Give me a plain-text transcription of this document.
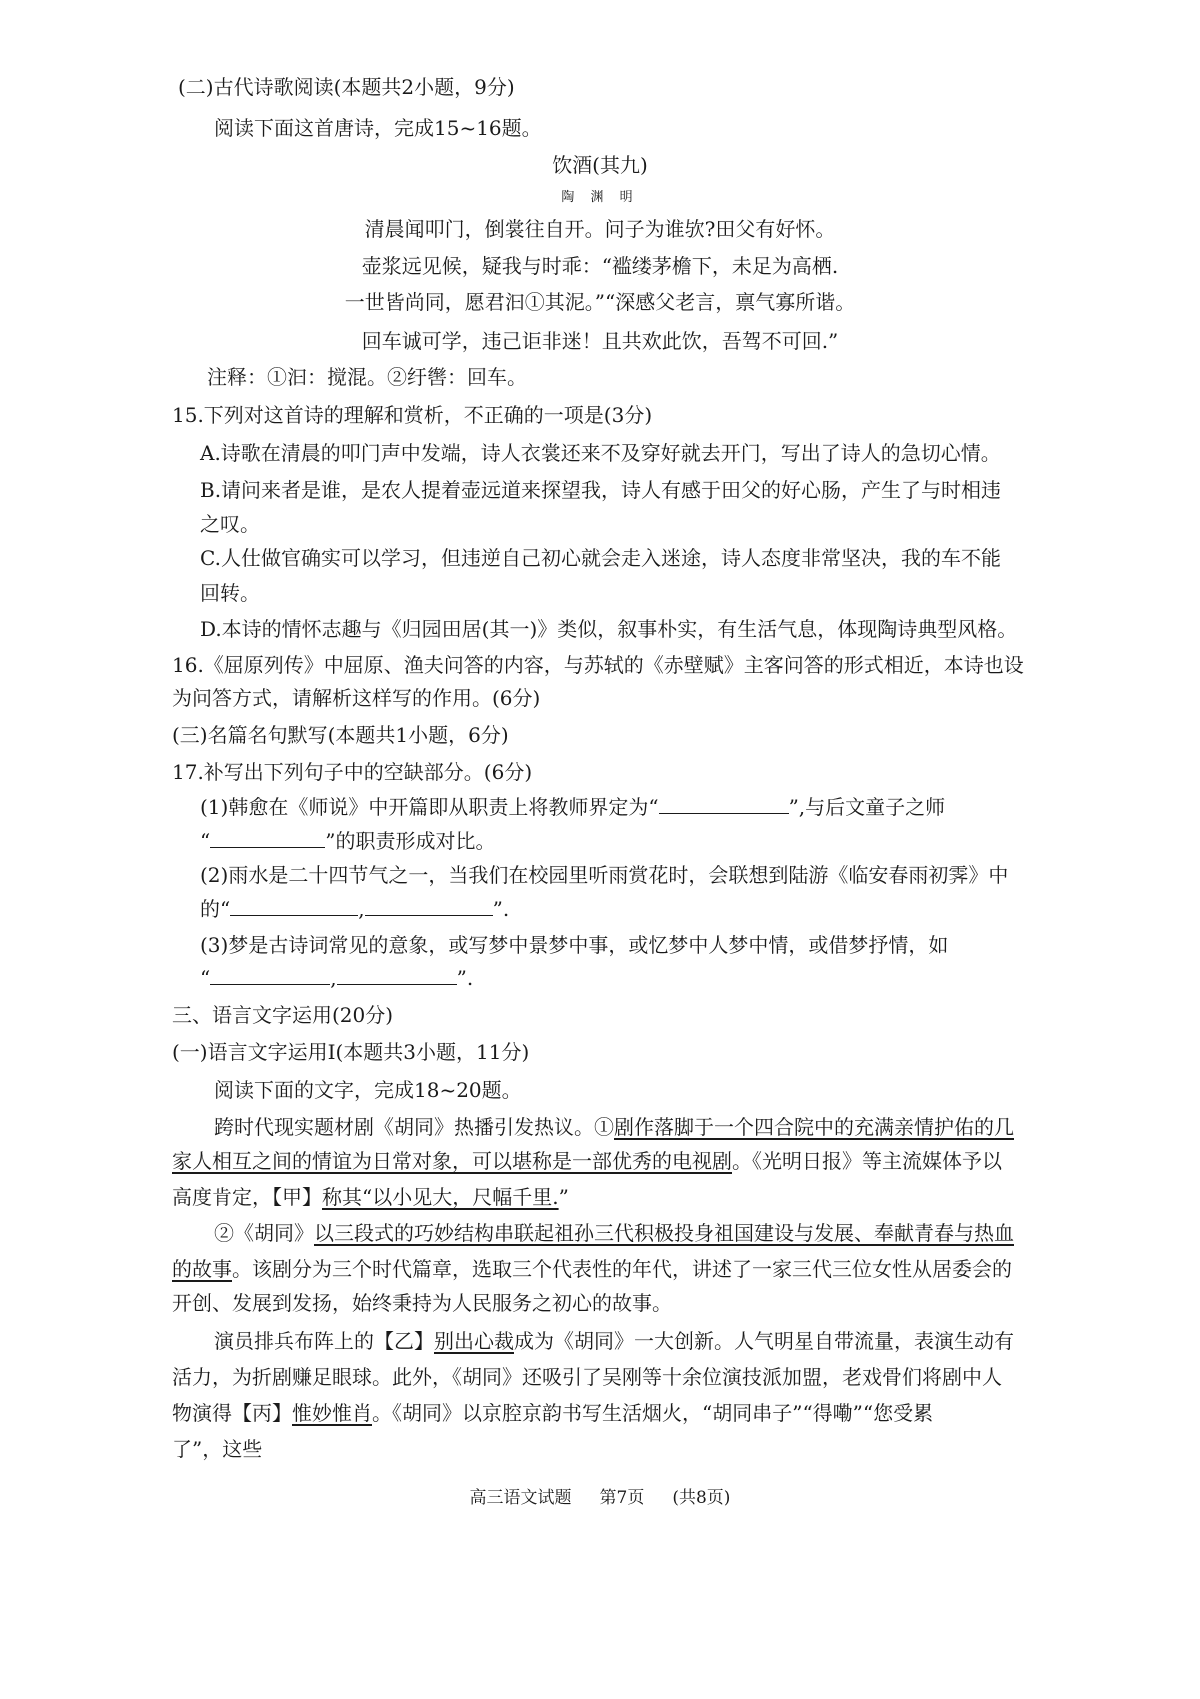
(二)古代诗歌阅读(本题共2小题，9分)
阅读下面这首唐诗，完成15~16题。
饮酒(其九)
陶 渊 明
清晨闻叩门，倒裳往自开。问子为谁欤?田父有好怀。
壶浆远见候，疑我与时乖：“褴缕茅檐下，未足为高栖.
一世皆尚同，愿君汩①其泥。”“深感父老言，禀气寡所谐。
回车诚可学，违己讵非迷！且共欢此饮，吾驾不可回.”
注释：①汩：搅混。②纡辔：回车。
15.下列对这首诗的理解和赏析，不正确的一项是(3分)
A.诗歌在清晨的叩门声中发端，诗人衣裳还来不及穿好就去开门，写出了诗人的急切心情。
B.请问来者是谁，是农人提着壶远道来探望我，诗人有感于田父的好心肠，产生了与时相违
之叹。
C.人仕做官确实可以学习，但违逆自己初心就会走入迷途，诗人态度非常坚决，我的车不能
回转。
D.本诗的情怀志趣与《归园田居(其一)》类似，叙事朴实，有生活气息，体现陶诗典型风格。
16.《屈原列传》中屈原、渔夫问答的内容，与苏轼的《赤壁赋》主客问答的形式相近，本诗也设
为问答方式，请解析这样写的作用。(6分)
(三)名篇名句默写(本题共1小题，6分)
17.补写出下列句子中的空缺部分。(6分)
(1)韩愈在《师说》中开篇即从职责上将教师界定为“	”,与后文童子之师
“	”的职责形成对比。
(2)雨水是二十四节气之一，当我们在校园里听雨赏花时，会联想到陆游《临安春雨初霁》中
的“	,	”.
(3)梦是古诗词常见的意象，或写梦中景梦中事，或忆梦中人梦中情，或借梦抒情，如
“	,	”.
三、语言文字运用(20分)
(一)语言文字运用Ⅰ(本题共3小题，11分)
阅读下面的文字，完成18~20题。
跨时代现实题材剧《胡同》热播引发热议。①剧作落脚于一个四合院中的充满亲情护佑的几
家人相互之间的情谊为日常对象，可以堪称是一部优秀的电视剧。《光明日报》等主流媒体予以
高度肯定，【甲】称其“以小见大，尺幅千里.”
②《胡同》以三段式的巧妙结构串联起祖孙三代积极投身祖国建设与发展、奉献青春与热血
的故事。该剧分为三个时代篇章，选取三个代表性的年代，讲述了一家三代三位女性从居委会的
开创、发展到发扬，始终秉持为人民服务之初心的故事。
演员排兵布阵上的【乙】别出心裁成为《胡同》一大创新。人气明星自带流量，表演生动有
活力，为折剧赚足眼球。此外，《胡同》还吸引了吴刚等十余位演技派加盟，老戏骨们将剧中人
物演得【丙】惟妙惟肖。《胡同》以京腔京韵书写生活烟火，“胡同串子”“得嘞”“您受累
了”，这些
高三语文试题 第7页 (共8页)
